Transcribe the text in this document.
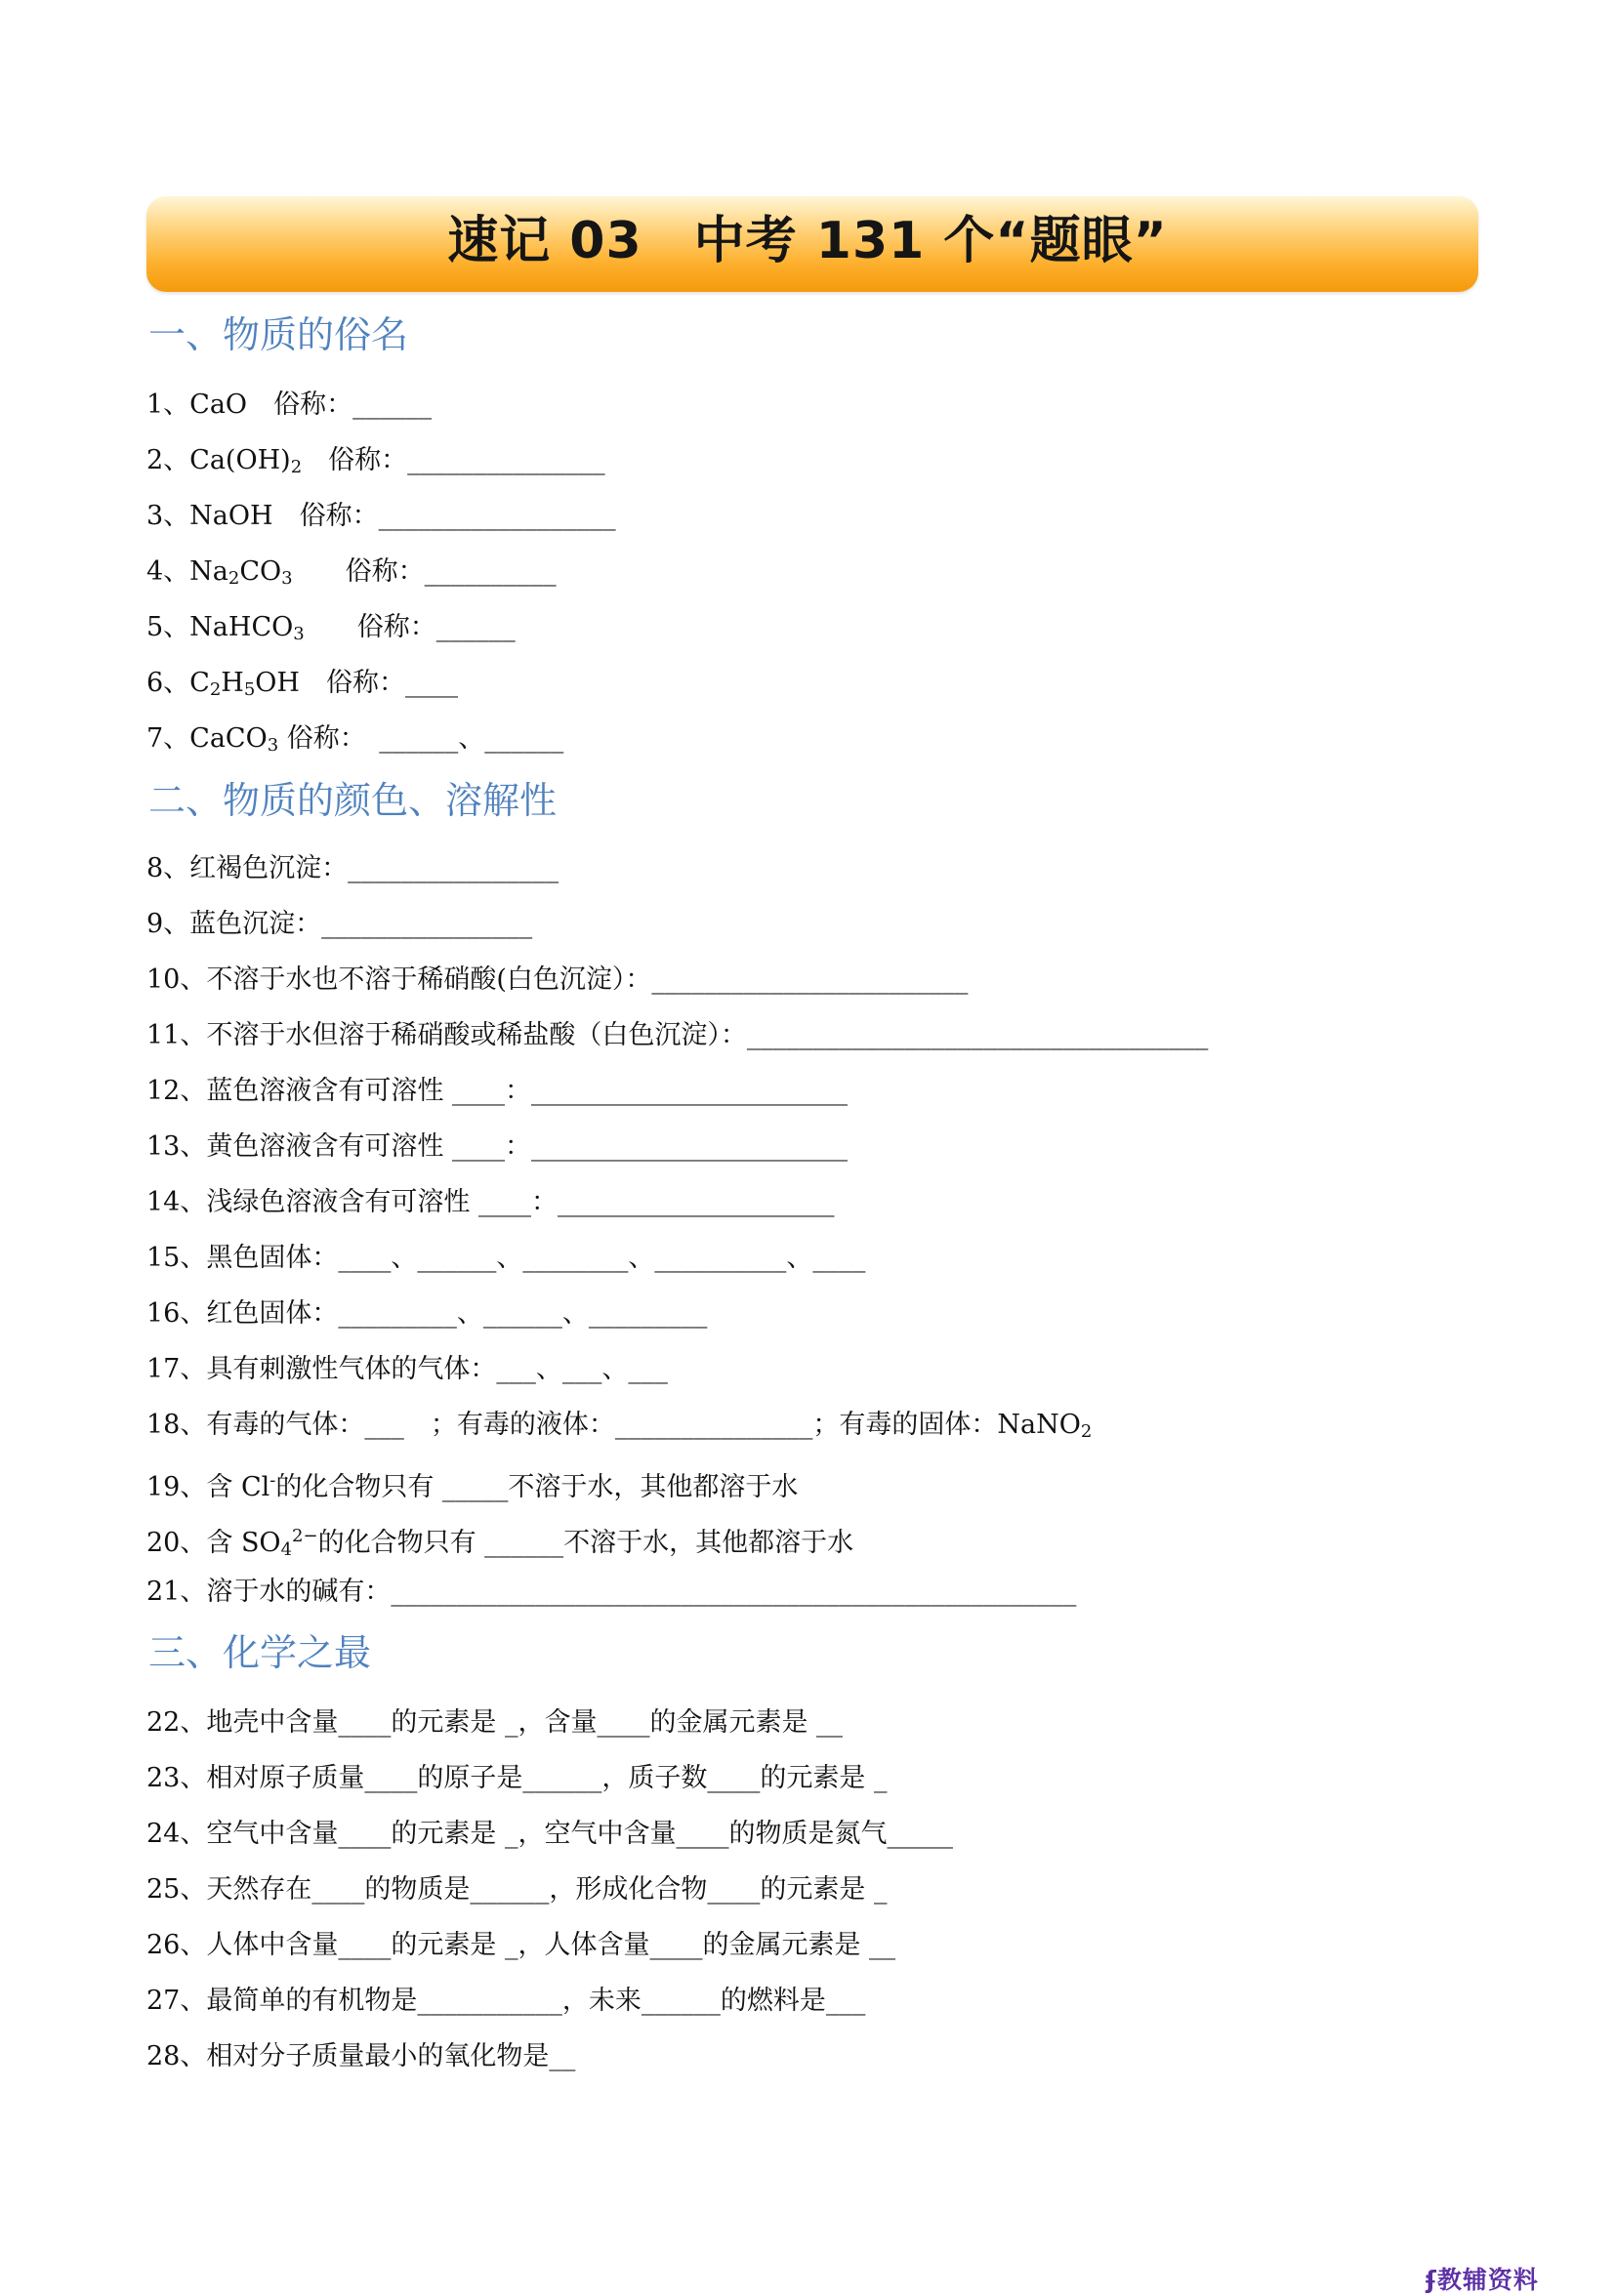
速记 03　中考 131 个“题眼”
一、物质的俗名
1、CaO　俗称：______
2、$Ca(OH)_2$　俗称：_______________
3、NaOH　俗称：__________________
4、$Na_2CO_3$　　俗称：__________
5、NaHCO$_3$　　俗称：______
6、$C_2H_5OH$　俗称：____
7、CaCO$_3$ 俗称：　______、______
二、物质的颜色、溶解性
8、红褐色沉淀：________________
9、蓝色沉淀：________________
10、不溶于水也不溶于稀硝酸(白色沉淀）：________________________
11、不溶于水但溶于稀硝酸或稀盐酸（白色沉淀）：___________________________________
12、蓝色溶液含有可溶性 ____：________________________
13、黄色溶液含有可溶性 ____：________________________
14、浅绿色溶液含有可溶性 ____：_____________________
15、黑色固体：____、______、________、__________、____
16、红色固体：_________、______、_________
17、具有刺激性气体的气体：___、___、___
18、有毒的气体：___　；有毒的液体：_______________；有毒的固体：NaNO$_2$
19、含 Cl-的化合物只有 _____不溶于水，其他都溶于水
20、含 $SO_4^{2-}$的化合物只有 ______不溶于水，其他都溶于水
21、溶于水的碱有：____________________________________________________
三、化学之最
22、地壳中含量____的元素是 _，含量____的金属元素是 __
23、相对原子质量____的原子是______，质子数____的元素是 _
24、空气中含量____的元素是 _，空气中含量____的物质是氮气_____
25、天然存在____的物质是______，形成化合物____的元素是 _
26、人体中含量____的元素是 _，人体含量____的金属元素是 __
27、最简单的有机物是___________，未来______的燃料是___
28、相对分子质量最小的氧化物是__
ʄ教辅资料
